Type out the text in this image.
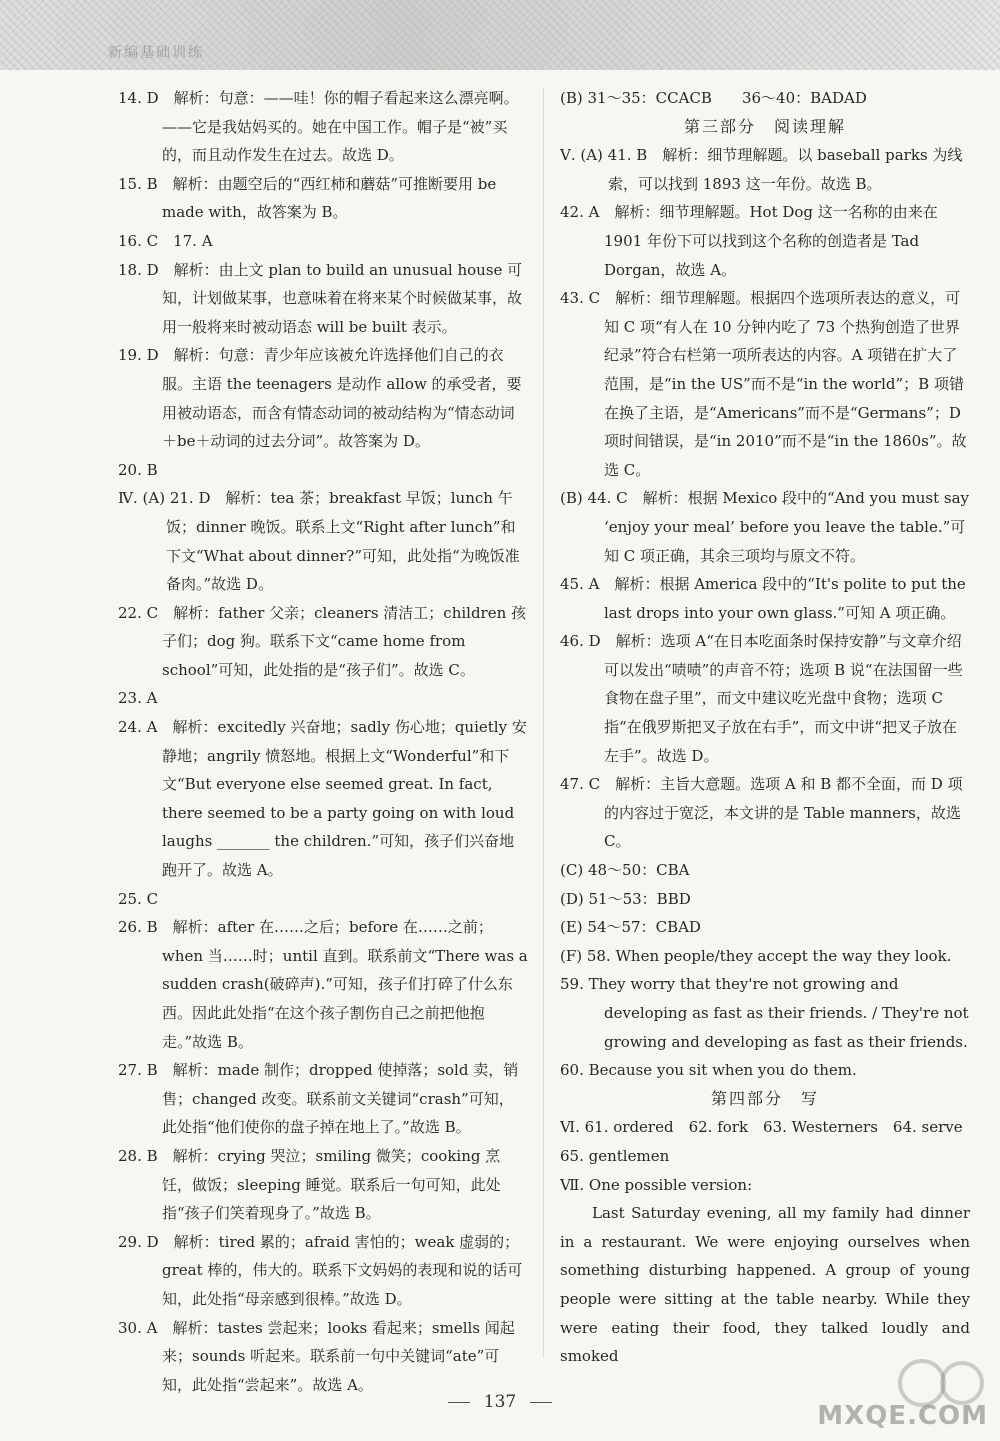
新编基础训练

14. D　解析：句意：——哇！你的帽子看起来这么漂亮啊。——它是我姑妈买的。她在中国工作。帽子是“被”买的，而且动作发生在过去。故选 D。

15. B　解析：由题空后的“西红柿和蘑菇”可推断要用 be made with，故答案为 B。

16. C　17. A

18. D　解析：由上文 plan to build an unusual house 可知，计划做某事，也意味着在将来某个时候做某事，故用一般将来时被动语态 will be built 表示。

19. D　解析：句意：青少年应该被允许选择他们自己的衣服。主语 the teenagers 是动作 allow 的承受者，要用被动语态，而含有情态动词的被动结构为“情态动词＋be＋动词的过去分词”。故答案为 D。

20. B

Ⅳ. (A) 21. D　解析：tea 茶；breakfast 早饭；lunch 午饭；dinner 晚饭。联系上文“Right after lunch”和下文“What about dinner?”可知，此处指“为晚饭准备肉。”故选 D。

22. C　解析：father 父亲；cleaners 清洁工；children 孩子们；dog 狗。联系下文“came home from school”可知，此处指的是“孩子们”。故选 C。

23. A

24. A　解析：excitedly 兴奋地；sadly 伤心地；quietly 安静地；angrily 愤怒地。根据上文“Wonderful”和下文“But everyone else seemed great. In fact, there seemed to be a party going on with loud laughs _______ the children.”可知，孩子们兴奋地跑开了。故选 A。

25. C

26. B　解析：after 在……之后；before 在……之前；when 当……时；until 直到。联系前文“There was a sudden crash(破碎声).”可知，孩子们打碎了什么东西。因此此处指“在这个孩子割伤自己之前把他抱走。”故选 B。

27. B　解析：made 制作；dropped 使掉落；sold 卖，销售；changed 改变。联系前文关键词“crash”可知，此处指“他们使你的盘子掉在地上了。”故选 B。

28. B　解析：crying 哭泣；smiling 微笑；cooking 烹饪，做饭；sleeping 睡觉。联系后一句可知，此处指“孩子们笑着现身了。”故选 B。

29. D　解析：tired 累的；afraid 害怕的；weak 虚弱的；great 棒的，伟大的。联系下文妈妈的表现和说的话可知，此处指“母亲感到很棒。”故选 D。

30. A　解析：tastes 尝起来；looks 看起来；smells 闻起来；sounds 听起来。联系前一句中关键词“ate”可知，此处指“尝起来”。故选 A。

(B) 31～35：CCACB　　36～40：BADAD

第三部分　阅读理解

Ⅴ. (A) 41. B　解析：细节理解题。以 baseball parks 为线索，可以找到 1893 这一年份。故选 B。

42. A　解析：细节理解题。Hot Dog 这一名称的由来在 1901 年份下可以找到这个名称的创造者是 Tad Dorgan，故选 A。

43. C　解析：细节理解题。根据四个选项所表达的意义，可知 C 项“有人在 10 分钟内吃了 73 个热狗创造了世界纪录”符合右栏第一项所表达的内容。A 项错在扩大了范围，是“in the US”而不是“in the world”；B 项错在换了主语，是“Americans”而不是“Germans”；D 项时间错误，是“in 2010”而不是“in the 1860s”。故选 C。

(B) 44. C　解析：根据 Mexico 段中的“And you must say ‘enjoy your meal’ before you leave the table.”可知 C 项正确，其余三项均与原文不符。

45. A　解析：根据 America 段中的“It's polite to put the last drops into your own glass.”可知 A 项正确。

46. D　解析：选项 A“在日本吃面条时保持安静”与文章介绍可以发出“啧啧”的声音不符；选项 B 说“在法国留一些食物在盘子里”，而文中建议吃光盘中食物；选项 C 指“在俄罗斯把叉子放在右手”，而文中讲“把叉子放在左手”。故选 D。

47. C　解析：主旨大意题。选项 A 和 B 都不全面，而 D 项的内容过于宽泛，本文讲的是 Table manners，故选 C。

(C) 48～50：CBA

(D) 51～53：BBD

(E) 54～57：CBAD

(F) 58. When people/they accept the way they look.

59. They worry that they're not growing and developing as fast as their friends. / They're not growing and developing as fast as their friends.

60. Because you sit when you do them.

第四部分　写

Ⅵ. 61. ordered　62. fork　63. Westerners　64. serve

65. gentlemen

Ⅶ. One possible version:

Last Saturday evening, all my family had dinner in a restaurant. We were enjoying ourselves when something disturbing happened. A group of young people were sitting at the table nearby. While they were eating their food, they talked loudly and smoked

137	MXQE.COM
